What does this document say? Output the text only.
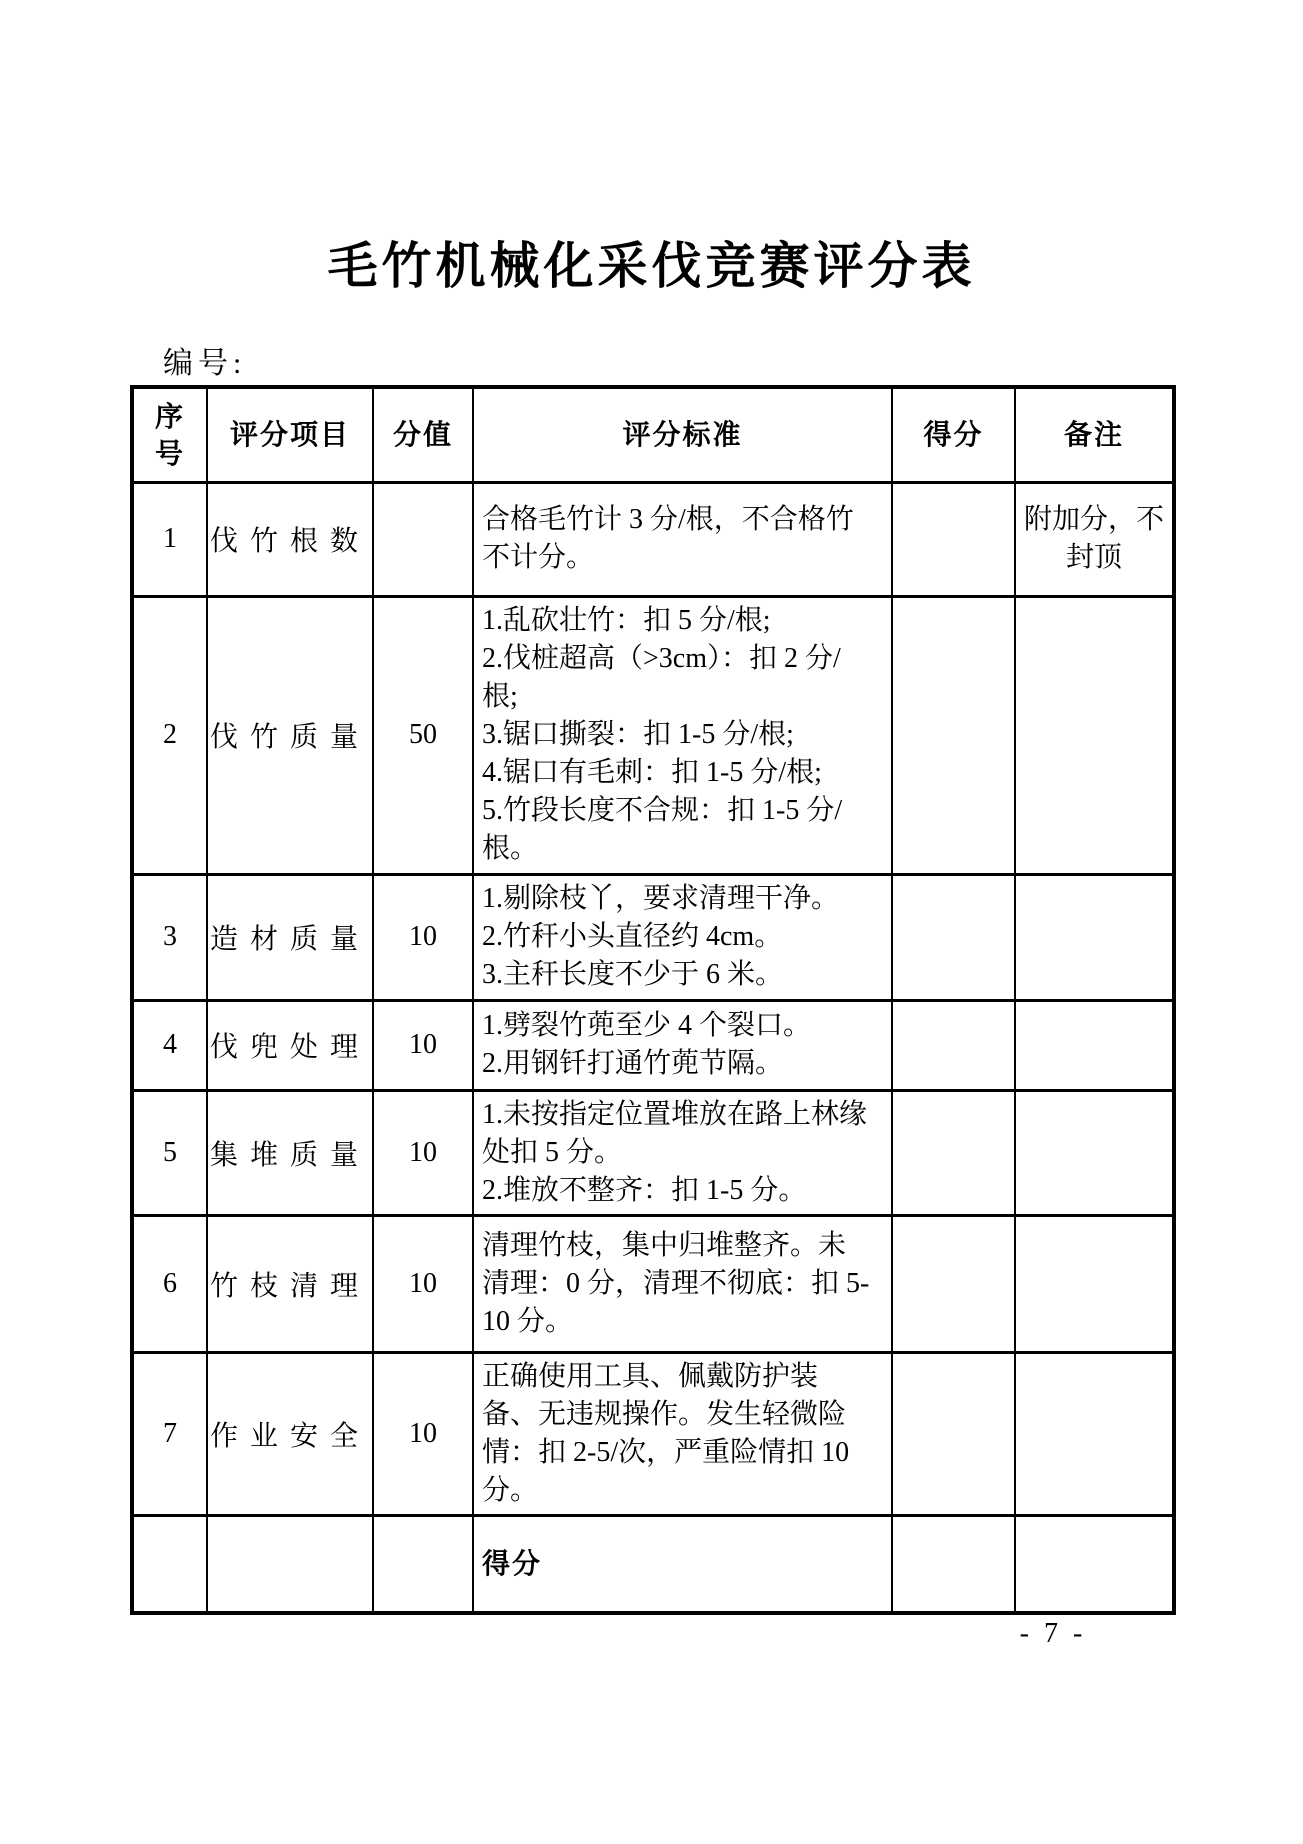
毛竹机械化采伐竞赛评分表
编号:
序号	评分项目	分值	评分标准	得分	备注
1	伐竹根数		合格毛竹计 3 分/根，不合格竹不计分。		附加分，不封顶
2	伐竹质量	50	1.乱砍壮竹：扣 5 分/根;
2.伐桩超高（>3cm）：扣 2 分/根;
3.锯口撕裂：扣 1-5 分/根;
4.锯口有毛刺：扣 1-5 分/根;
5.竹段长度不合规：扣 1-5 分/根。		

3	造材质量	10	1.剔除枝丫，要求清理干净。
2.竹秆小头直径约 4cm。
3.主秆长度不少于 6 米。		

4	伐兜处理	10	1.劈裂竹蔸至少 4 个裂口。
2.用钢钎打通竹蔸节隔。		

5	集堆质量	10	1.未按指定位置堆放在路上林缘处扣 5 分。
2.堆放不整齐：扣 1-5 分。		

6	竹枝清理	10	清理竹枝，集中归堆整齐。未清理：0 分，清理不彻底：扣 5-10 分。		

7	作业安全	10	正确使用工具、佩戴防护装备、无违规操作。发生轻微险情：扣 2-5/次，严重险情扣 10 分。		

			得分		

- 7 -
